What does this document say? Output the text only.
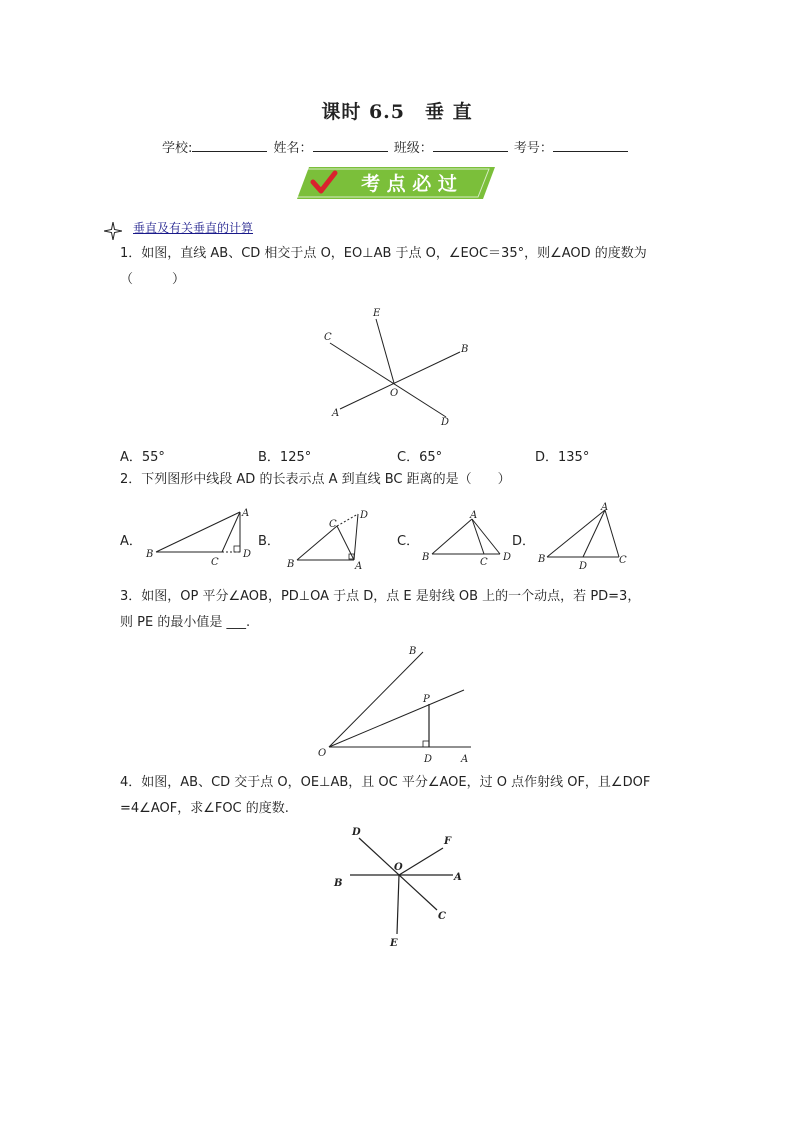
课时 6.5　垂 直
学校:	姓名：	班级：	考号：
考 点 必 过
垂直及有关垂直的计算
1．如图，直线 AB、CD 相交于点 O，EO⊥AB 于点 O，∠EOC＝35°，则∠AOD 的度数为
（　　　）
C
E
B
O
A
D
A．55°	B．125°	C．65°	D．135°
2．下列图形中线段 AD 的长表示点 A 到直线 BC 距离的是（　　）
A．
A
B
C
D
B．
A
B
C
D
C．
A
B	C D
D．
A
B	C
D
3．如图，OP 平分∠AOB，PD⊥OA 于点 D，点 E 是射线 OB 上的一个动点，若 PD=3，
则 PE 的最小值是 ___.
B
P
O
D	A
4．如图，AB、CD 交于点 O，OE⊥AB，且 OC 平分∠AOE，过 O 点作射线 OF，且∠DOF
=4∠AOF，求∠FOC 的度数.
D
F
O
B
A
C
E
